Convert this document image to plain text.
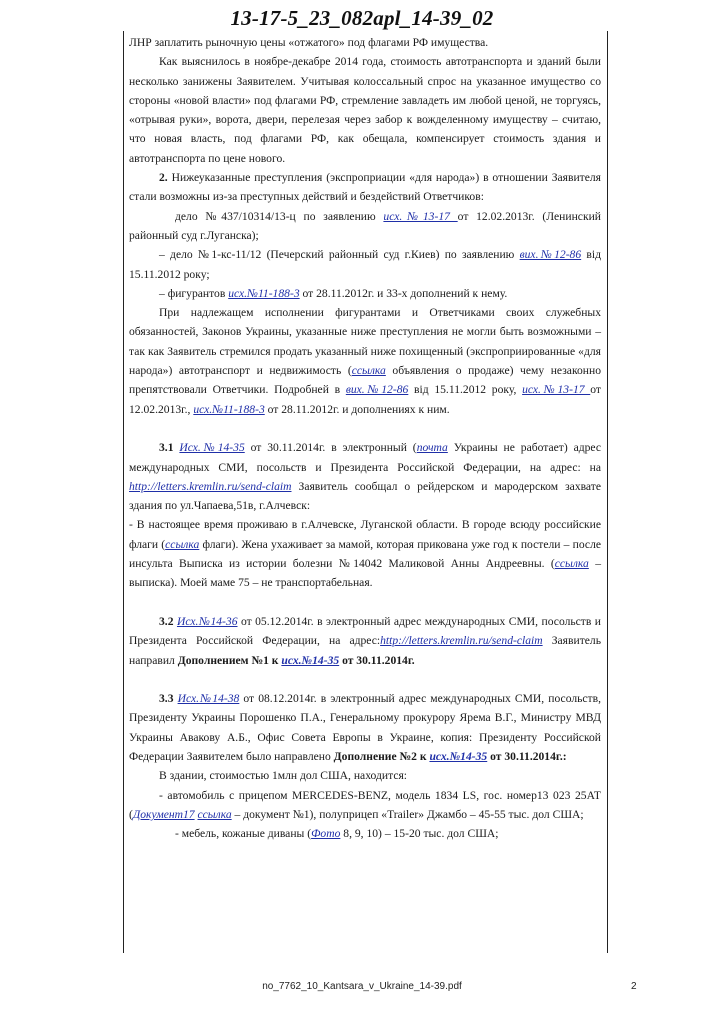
13-17-5_23_082apl_14-39_02

ЛНР заплатить рыночную цены «отжатого» под флагами РФ имущества.

Как выяснилось в ноябре-декабре 2014 года, стоимость автотранспорта и зданий были несколько занижены Заявителем. Учитывая колоссальный спрос на указанное имущество со стороны «новой власти» под флагами РФ, стремление завладеть им любой ценой, не торгуясь, «отрывая руки», ворота, двери, перелезая через забор к вожделенному имуществу – считаю, что новая власть, под флагами РФ, как обещала, компенсирует стоимость здания и автотранспорта по цене нового.

2. Нижеуказанные преступления (экспроприации «для народа») в отношении Заявителя стали возможны из-за преступных действий и бездействий Ответчиков:

дело №437/10314/13-ц по заявлению исх.№13-17 от 12.02.2013г. (Ленинский районный суд г.Луганска);

– дело №1-кс-11/12 (Печерский районный суд г.Киев) по заявлению вих.№12-86 від 15.11.2012 року;

– фигурантов исх.№11-188-3 от 28.11.2012г. и 33-х дополнений к нему.

При надлежащем исполнении фигурантами и Ответчиками своих служебных обязанностей, Законов Украины, указанные ниже преступления не могли быть возможными – так как Заявитель стремился продать указанный ниже похищенный (экспроприированные «для народа») автотранспорт и недвижимость (ссылка объявления о продаже) чему незаконно препятствовали Ответчики. Подробней в вих.№12-86 від 15.11.2012 року, исх.№13-17 от 12.02.2013г., исх.№11-188-3 от 28.11.2012г. и дополнениях к ним.

3.1 Исх.№14-35 от 30.11.2014г. в электронный (почта Украины не работает) адрес международных СМИ, посольств и Президента Российской Федерации, на адрес: на http://letters.kremlin.ru/send-claim Заявитель сообщал о рейдерском и мародерском захвате здания по ул.Чапаева,51в, г.Алчевск:

- В настоящее время проживаю в г.Алчевске, Луганской области. В городе всюду российские флаги (ссылка флаги). Жена ухаживает за мамой, которая прикована уже год к постели – после инсульта Выписка из истории болезни №14042 Маликовой Анны Андреевны. (ссылка – выписка). Моей маме 75 – не транспортабельная.

3.2 Исх.№14-36 от 05.12.2014г. в электронный адрес международных СМИ, посольств и Президента Российской Федерации, на адрес:http://letters.kremlin.ru/send-claim Заявитель направил Дополнением №1 к исх.№14-35 от 30.11.2014г.

3.3 Исх.№14-38 от 08.12.2014г. в электронный адрес международных СМИ, посольств, Президенту Украины Порошенко П.А., Генеральному прокурору Ярема В.Г., Министру МВД Украины Авакову А.Б., Офис Совета Европы в Украине, копия: Президенту Российской Федерации Заявителем было направлено Дополнение №2 к исх.№14-35 от 30.11.2014г.:

В здании, стоимостью 1млн дол США, находится:

- автомобиль с прицепом MERCEDES-BENZ, модель 1834 LS, гос. номер13 023 25АТ (Документ17 ссылка – документ №1), полуприцеп «Trailer» Джамбо – 45-55 тыс. дол США;

- мебель, кожаные диваны (Фото 8, 9, 10) – 15-20 тыс. дол США;

no_7762_10_Kantsara_v_Ukraine_14-39.pdf	2
